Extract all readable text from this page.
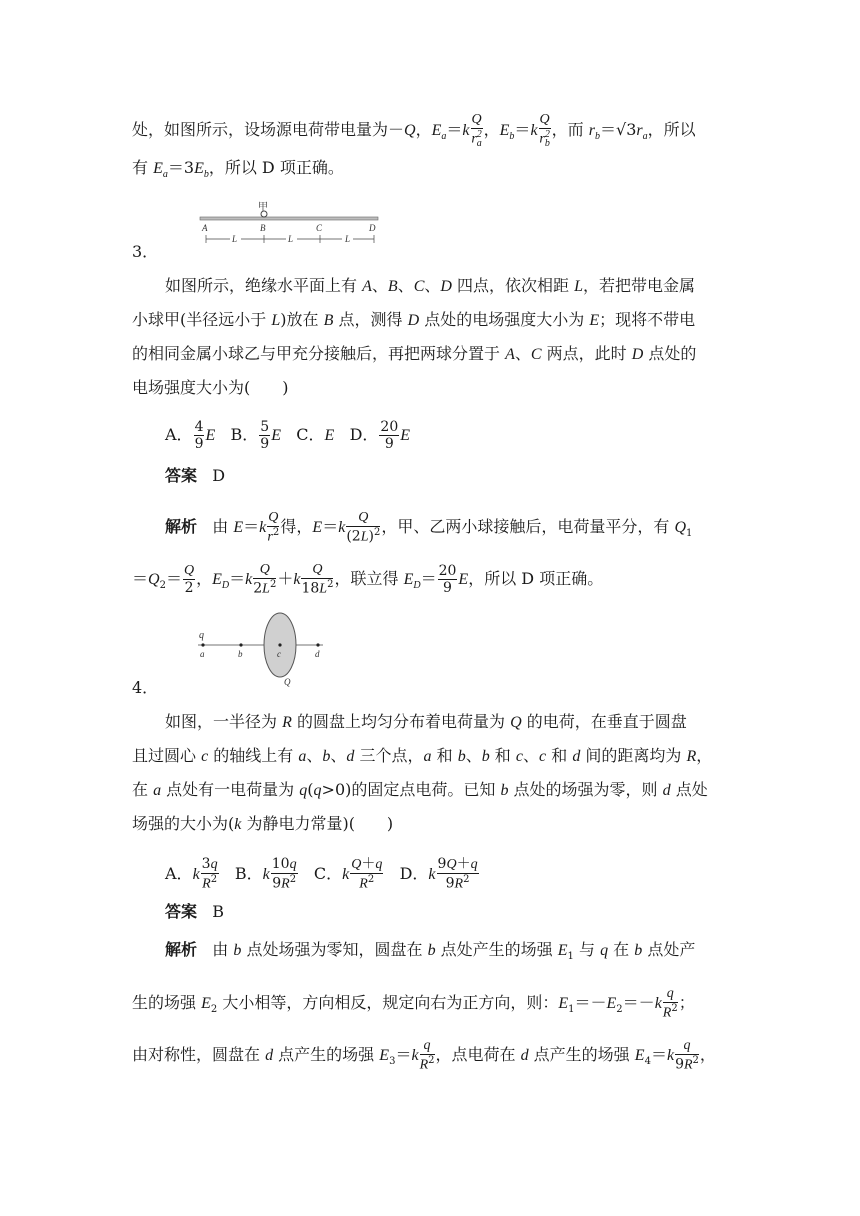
处，如图所示，设场源电荷带电量为－Q，$E_a=k \frac{Q}{r^2_a}$ ，$E_b=k \frac{Q}{r^2_b}$ ，而 $r_b=√3r_a$，所以
有 $E_a=3E_b$，所以 D 项正确。
甲
A	B	C	D
L	L	L
3．
如图所示，绝缘水平面上有 A、B、C、D 四点，依次相距 L，若把带电金属
小球甲(半径远小于 L)放在 B 点，测得 D 点处的电场强度大小为 E；现将不带电
的相同金属小球乙与甲充分接触后，再把两球分置于 A、C 两点，此时 D 点处的
电场强度大小为(　　)
A． $\frac{4}{9}$ E B． $\frac{5}{9}$ E C．E D． $\frac{20}{9}$ E
答案 D
解析   由 $E=k \frac{Q}{r^2}$ 得，$E=k \frac{Q}{(2L)^2}$ ，甲、乙两小球接触后，电荷量平分，有 $Q_1$
$=Q_2= \frac{Q}{2}$ ，$E_D=k \frac{Q}{2L^2} +k \frac{Q}{18L^2}$ ，联立得 $E_D= \frac{20}{9}$ E，所以 D 项正确。
q
a	b	c	d
Q
4．
如图，一半径为 R 的圆盘上均匀分布着电荷量为 Q 的电荷，在垂直于圆盘
且过圆心 c 的轴线上有 a、b、d 三个点，a 和 b、b 和 c、c 和 d 间的距离均为 R，
在 a 点处有一电荷量为 q(q>0)的固定点电荷。已知 b 点处的场强为零，则 d 点处
场强的大小为(k 为静电力常量)(　　)
A．k $\frac{3q}{R^2}$ B．k $\frac{10q}{9R^2}$ C．k $\frac{Q+q}{R^2}$ D．k $\frac{9Q+q}{9R^2}$
答案 B
解析   由 b 点处场强为零知，圆盘在 b 点处产生的场强 $E_1$ 与 q 在 b 点处产
生的场强 $E_2$ 大小相等，方向相反，规定向右为正方向，则：$E_1=-E_2=-k \frac{q}{R^2}$ ；
由对称性，圆盘在 d 点产生的场强 $E_3=k \frac{q}{R^2}$ ，点电荷在 d 点产生的场强 $E_4=k \frac{q}{9R^2}$ ，
